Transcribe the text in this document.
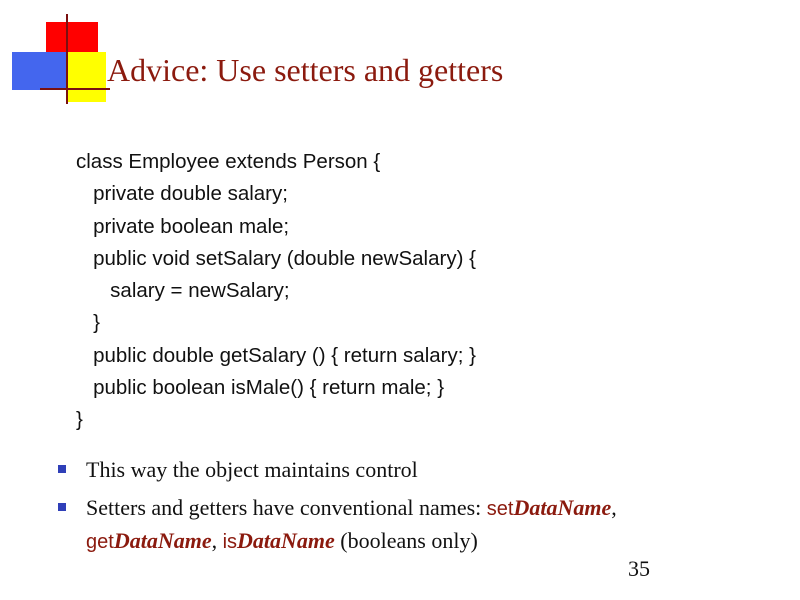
Advice: Use setters and getters
class Employee extends Person {
private double salary;
private boolean male;
public void setSalary (double newSalary) {
salary = newSalary;
}
public double getSalary () { return salary; }
public boolean isMale() { return male; }
}
This way the object maintains control
Setters and getters have conventional names: setDataName,
getDataName, isDataName (booleans only)
35
